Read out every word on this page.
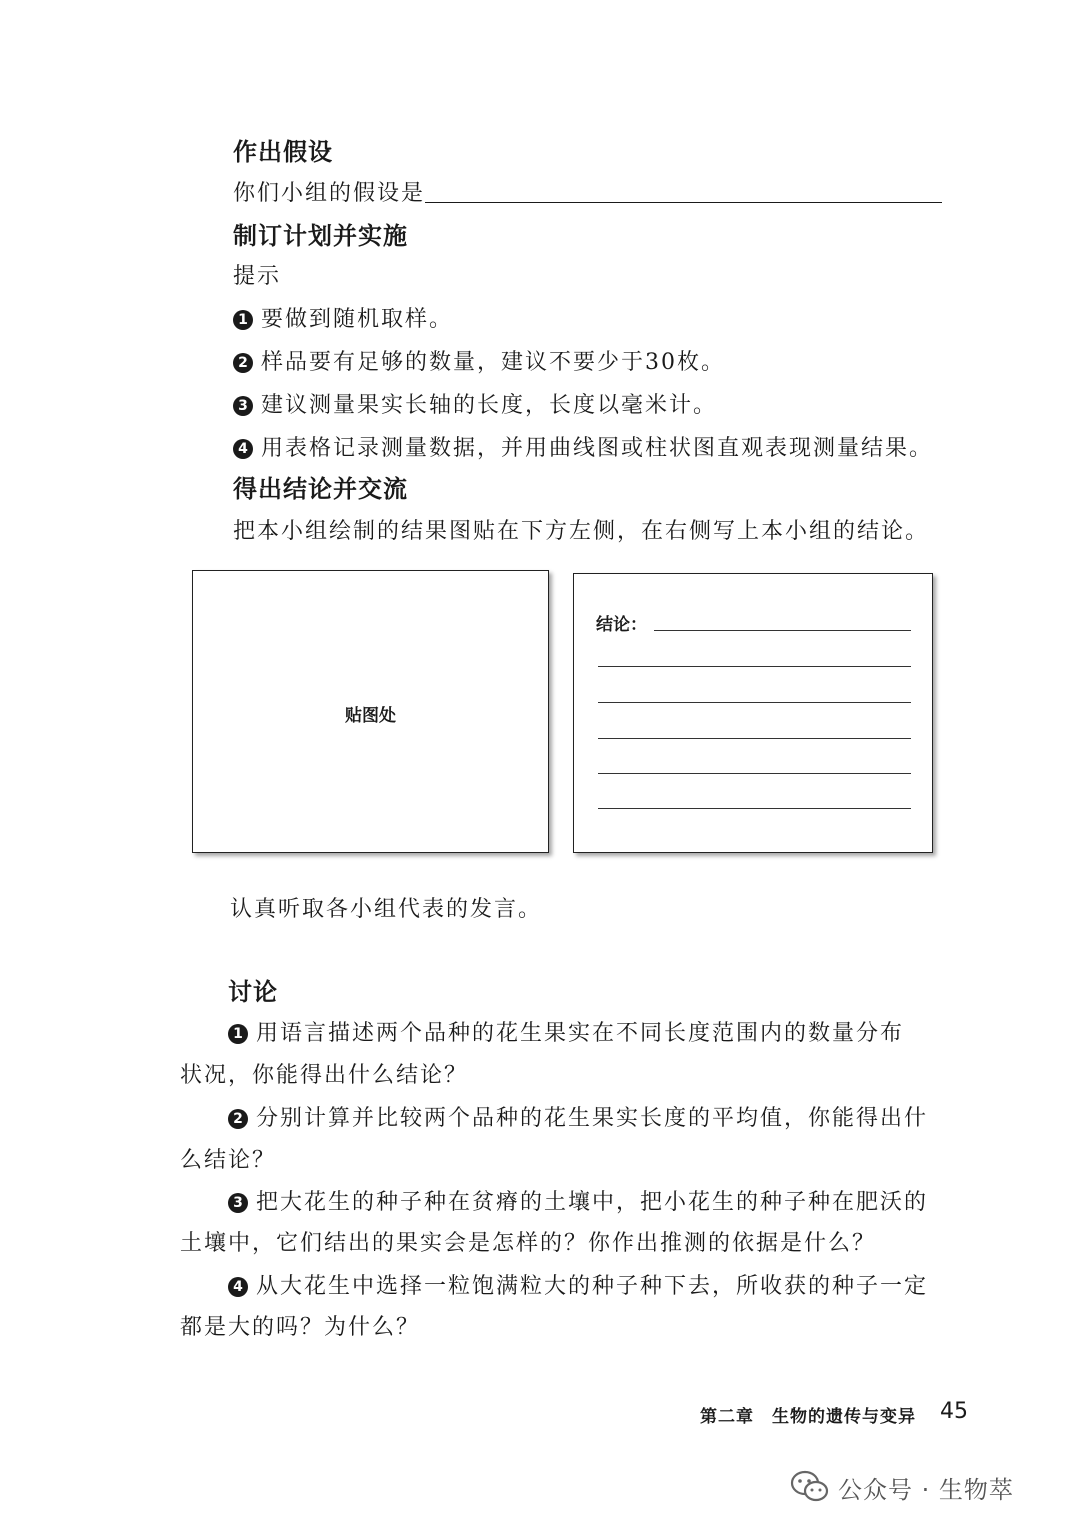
作出假设
你们小组的假设是
制订计划并实施
提示
1 要做到随机取样。
2 样品要有足够的数量，建议不要少于30枚。
3 建议测量果实长轴的长度，长度以毫米计。
4 用表格记录测量数据，并用曲线图或柱状图直观表现测量结果。
得出结论并交流
把本小组绘制的结果图贴在下方左侧，在右侧写上本小组的结论。
贴图处
结论：
认真听取各小组代表的发言。
讨论
1 用语言描述两个品种的花生果实在不同长度范围内的数量分布
状况，你能得出什么结论？
2 分别计算并比较两个品种的花生果实长度的平均值，你能得出什
么结论？
3 把大花生的种子种在贫瘠的土壤中，把小花生的种子种在肥沃的
土壤中，它们结出的果实会是怎样的？你作出推测的依据是什么？
4 从大花生中选择一粒饱满粒大的种子种下去，所收获的种子一定
都是大的吗？为什么？
第二章　生物的遗传与变异 45
公众号 · 生物萃
